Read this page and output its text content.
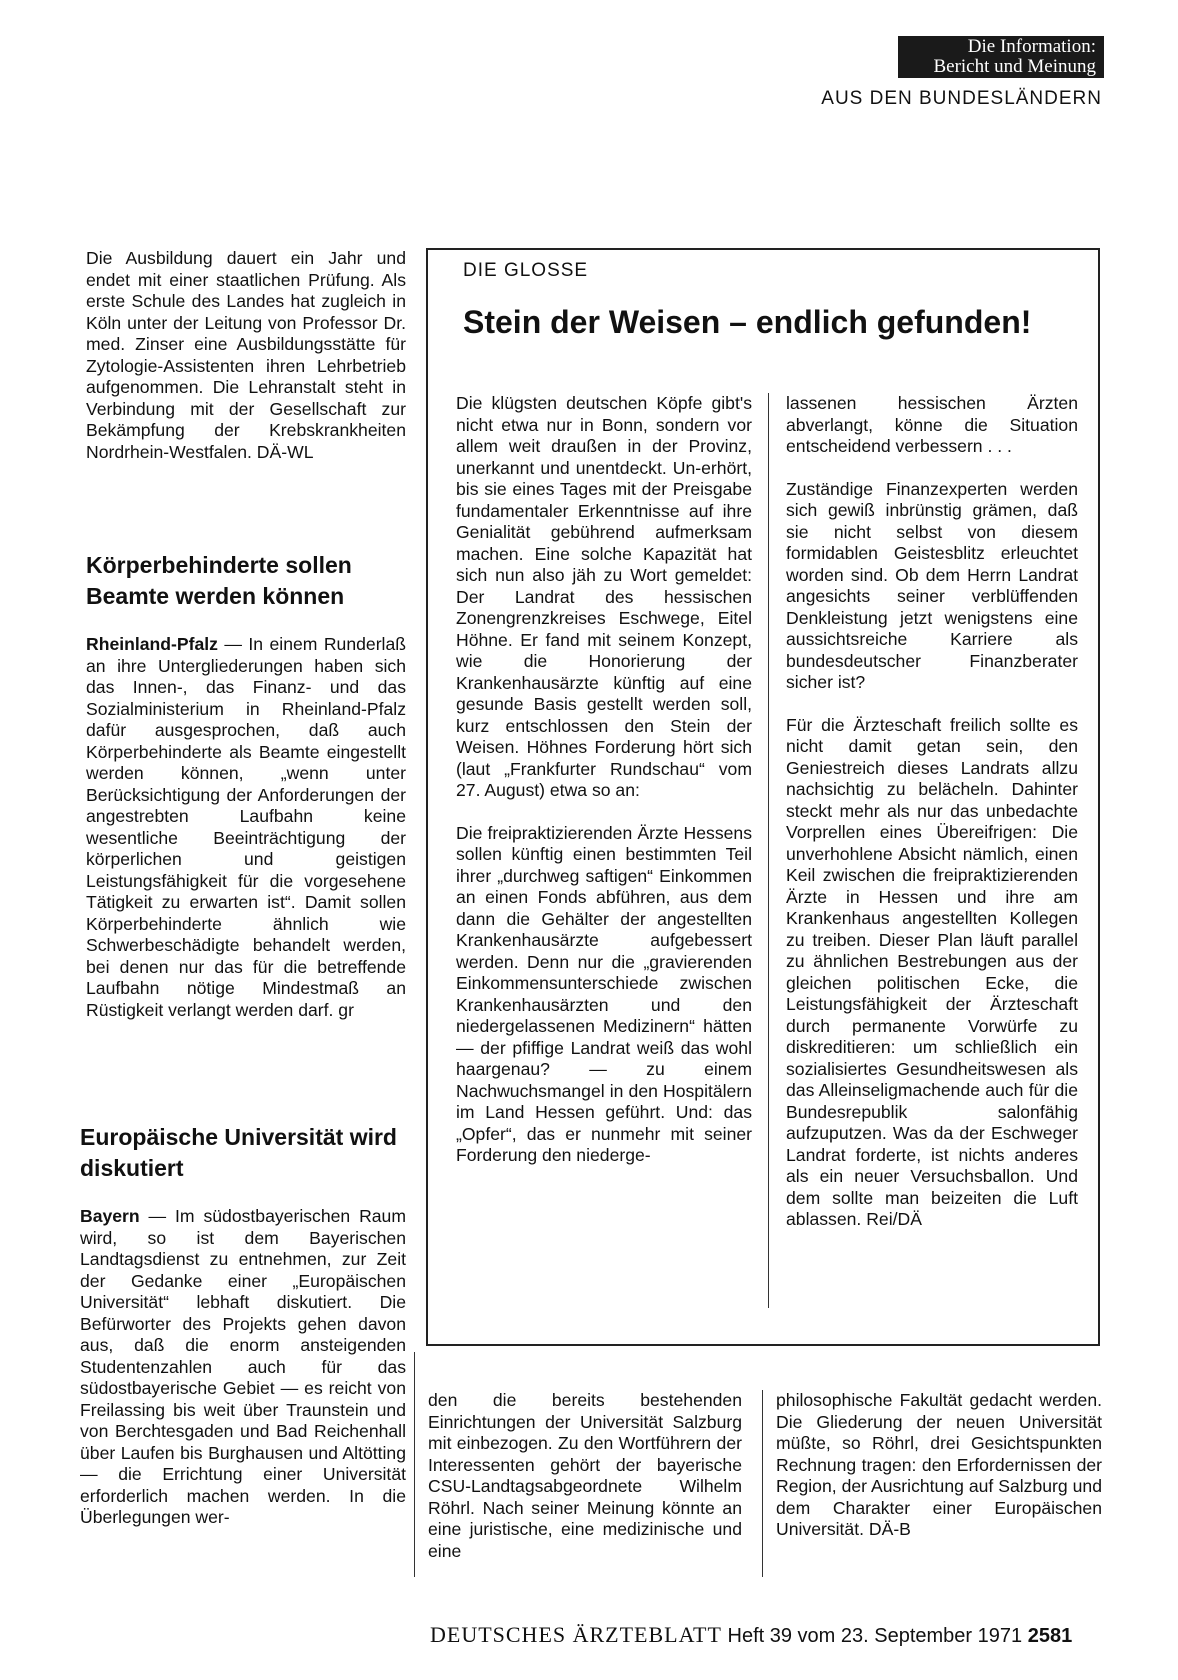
Die Information:
Bericht und Meinung
AUS DEN BUNDESLÄNDERN

Die Ausbildung dauert ein Jahr und endet mit einer staatlichen Prüfung. Als erste Schule des Landes hat zugleich in Köln unter der Leitung von Professor Dr. med. Zinser eine Ausbildungsstätte für Zytologie-Assistenten ihren Lehrbetrieb aufgenommen. Die Lehranstalt steht in Verbindung mit der Gesellschaft zur Bekämpfung der Krebskrankheiten Nordrhein-Westfalen. DÄ-WL

Körperbehinderte sollen Beamte werden können

Rheinland-Pfalz — In einem Runderlaß an ihre Untergliederungen haben sich das Innen-, das Finanz- und das Sozialministerium in Rheinland-Pfalz dafür ausgesprochen, daß auch Körperbehinderte als Beamte eingestellt werden können, „wenn unter Berücksichtigung der Anforderungen der angestrebten Laufbahn keine wesentliche Beeinträchtigung der körperlichen und geistigen Leistungsfähigkeit für die vorgesehene Tätigkeit zu erwarten ist“. Damit sollen Körperbehinderte ähnlich wie Schwerbeschädigte behandelt werden, bei denen nur das für die betreffende Laufbahn nötige Mindestmaß an Rüstigkeit verlangt werden darf. gr

Europäische Universität wird diskutiert

Bayern — Im südostbayerischen Raum wird, so ist dem Bayerischen Landtagsdienst zu entnehmen, zur Zeit der Gedanke einer „Europäischen Universität“ lebhaft diskutiert. Die Befürworter des Projekts gehen davon aus, daß die enorm ansteigenden Studentenzahlen auch für das südostbayerische Gebiet — es reicht von Freilassing bis weit über Traunstein und von Berchtesgaden und Bad Reichenhall über Laufen bis Burghausen und Altötting — die Errichtung einer Universität erforderlich machen werden. In die Überlegungen wer-

DIE GLOSSE
Stein der Weisen – endlich gefunden!

Die klügsten deutschen Köpfe gibt's nicht etwa nur in Bonn, sondern vor allem weit draußen in der Provinz, unerkannt und unentdeckt. Un-erhört, bis sie eines Tages mit der Preisgabe fundamentaler Erkenntnisse auf ihre Genialität gebührend aufmerksam machen. Eine solche Kapazität hat sich nun also jäh zu Wort gemeldet: Der Landrat des hessischen Zonengrenzkreises Eschwege, Eitel Höhne. Er fand mit seinem Konzept, wie die Honorierung der Krankenhausärzte künftig auf eine gesunde Basis gestellt werden soll, kurz entschlossen den Stein der Weisen. Höhnes Forderung hört sich (laut „Frankfurter Rundschau“ vom 27. August) etwa so an:

Die freipraktizierenden Ärzte Hessens sollen künftig einen bestimmten Teil ihrer „durchweg saftigen“ Einkommen an einen Fonds abführen, aus dem dann die Gehälter der angestellten Krankenhausärzte aufgebessert werden. Denn nur die „gravierenden Einkommensunterschiede zwischen Krankenhausärzten und den niedergelassenen Medizinern“ hätten — der pfiffige Landrat weiß das wohl haargenau? — zu einem Nachwuchsmangel in den Hospitälern im Land Hessen geführt. Und: das „Opfer“, das er nunmehr mit seiner Forderung den niederge-

lassenen hessischen Ärzten abverlangt, könne die Situation entscheidend verbessern . . .

Zuständige Finanzexperten werden sich gewiß inbrünstig grämen, daß sie nicht selbst von diesem formidablen Geistesblitz erleuchtet worden sind. Ob dem Herrn Landrat angesichts seiner verblüffenden Denkleistung jetzt wenigstens eine aussichtsreiche Karriere als bundesdeutscher Finanzberater sicher ist?

Für die Ärzteschaft freilich sollte es nicht damit getan sein, den Geniestreich dieses Landrats allzu nachsichtig zu belächeln. Dahinter steckt mehr als nur das unbedachte Vorprellen eines Übereifrigen: Die unverhohlene Absicht nämlich, einen Keil zwischen die freipraktizierenden Ärzte in Hessen und ihre am Krankenhaus angestellten Kollegen zu treiben. Dieser Plan läuft parallel zu ähnlichen Bestrebungen aus der gleichen politischen Ecke, die Leistungsfähigkeit der Ärzteschaft durch permanente Vorwürfe zu diskreditieren: um schließlich ein sozialisiertes Gesundheitswesen als das Alleinseligmachende auch für die Bundesrepublik salonfähig aufzuputzen. Was da der Eschweger Landrat forderte, ist nichts anderes als ein neuer Versuchsballon. Und dem sollte man beizeiten die Luft ablassen. Rei/DÄ

den die bereits bestehenden Einrichtungen der Universität Salzburg mit einbezogen. Zu den Wortführern der Interessenten gehört der bayerische CSU-Landtagsabgeordnete Wilhelm Röhrl. Nach seiner Meinung könnte an eine juristische, eine medizinische und eine

philosophische Fakultät gedacht werden. Die Gliederung der neuen Universität müßte, so Röhrl, drei Gesichtspunkten Rechnung tragen: den Erfordernissen der Region, der Ausrichtung auf Salzburg und dem Charakter einer Europäischen Universität. DÄ-B

DEUTSCHES ÄRZTEBLATT Heft 39 vom 23. September 1971 2581
